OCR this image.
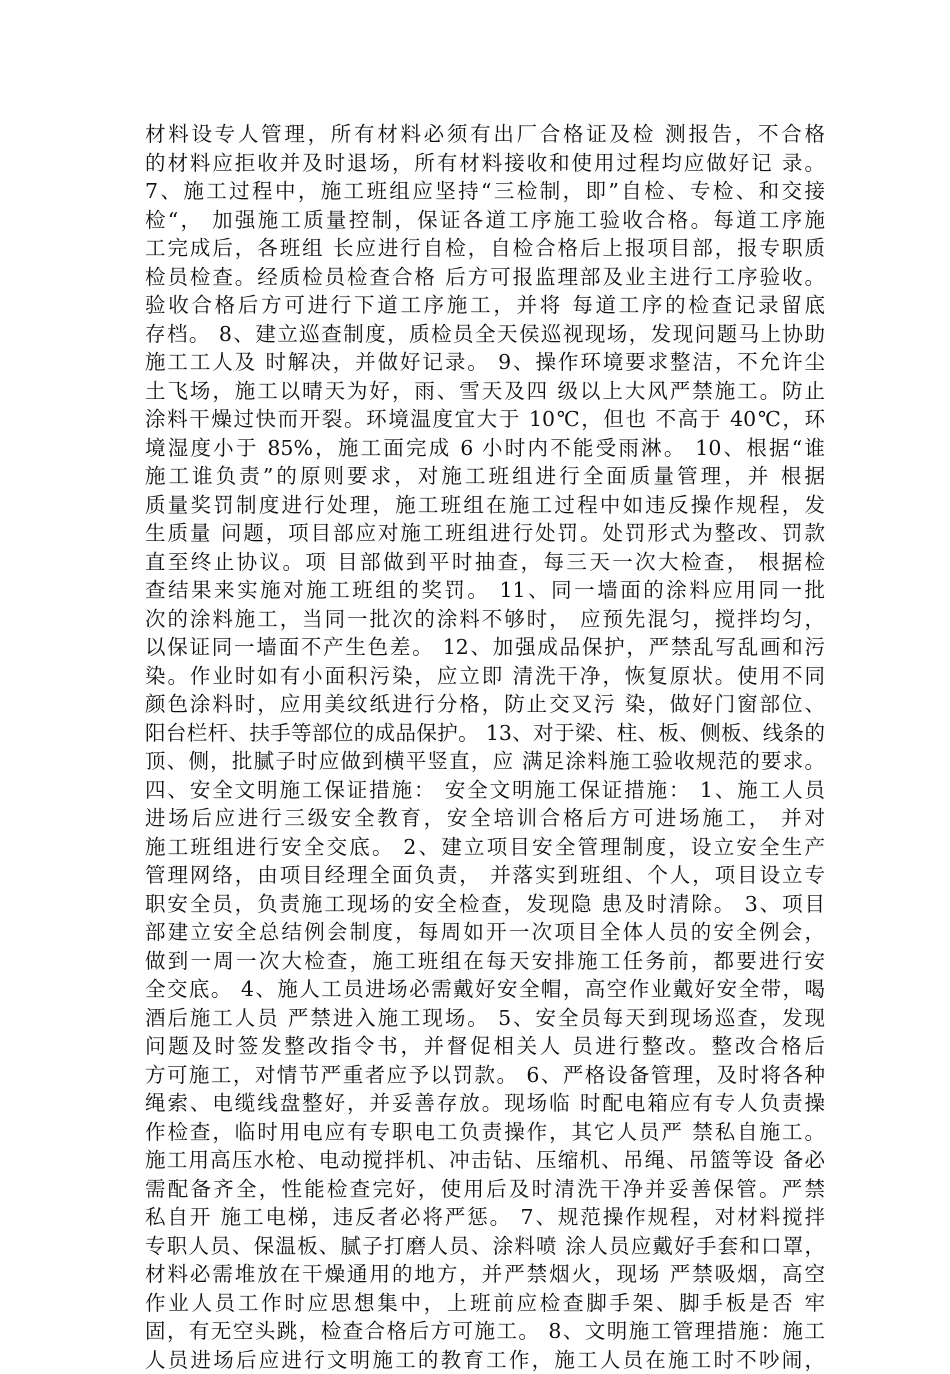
材料设专人管理，所有材料必须有出厂合格证及检 测报告，不合格
的材料应拒收并及时退场，所有材料接收和使用过程均应做好记 录。
7、施工过程中，施工班组应坚持“三检制，即”自检、专检、和交接
检“， 加强施工质量控制，保证各道工序施工验收合格。每道工序施
工完成后，各班组 长应进行自检，自检合格后上报项目部，报专职质
检员检查。经质检员检查合格 后方可报监理部及业主进行工序验收。
验收合格后方可进行下道工序施工，并将 每道工序的检查记录留底
存档。 8、建立巡查制度，质检员全天侯巡视现场，发现问题马上协助
施工工人及 时解决，并做好记录。 9、操作环境要求整洁，不允许尘
土飞场，施工以晴天为好，雨、雪天及四 级以上大风严禁施工。防止
涂料干燥过快而开裂。环境温度宜大于 10℃，但也 不高于 40℃，环
境湿度小于 85%，施工面完成 6 小时内不能受雨淋。 10、根据“谁
施工谁负责”的原则要求，对施工班组进行全面质量管理，并 根据
质量奖罚制度进行处理，施工班组在施工过程中如违反操作规程，发
生质量 问题，项目部应对施工班组进行处罚。处罚形式为整改、罚款
直至终止协议。项 目部做到平时抽查，每三天一次大检查， 根据检
查结果来实施对施工班组的奖罚。 11、同一墙面的涂料应用同一批
次的涂料施工，当同一批次的涂料不够时， 应预先混匀，搅拌均匀，
以保证同一墙面不产生色差。 12、加强成品保护，严禁乱写乱画和污
染。作业时如有小面积污染，应立即 清洗干净，恢复原状。使用不同
颜色涂料时，应用美纹纸进行分格，防止交叉污 染，做好门窗部位、
阳台栏杆、扶手等部位的成品保护。 13、对于梁、柱、板、侧板、线条的
顶、侧，批腻子时应做到横平竖直，应 满足涂料施工验收规范的要求。
四、安全文明施工保证措施： 安全文明施工保证措施： 1、施工人员
进场后应进行三级安全教育，安全培训合格后方可进场施工， 并对
施工班组进行安全交底。 2、建立项目安全管理制度，设立安全生产
管理网络，由项目经理全面负责， 并落实到班组、个人，项目设立专
职安全员，负责施工现场的安全检查，发现隐 患及时清除。 3、项目
部建立安全总结例会制度，每周如开一次项目全体人员的安全例会，
做到一周一次大检查，施工班组在每天安排施工任务前，都要进行安
全交底。 4、施人工员进场必需戴好安全帽，高空作业戴好安全带，喝
酒后施工人员 严禁进入施工现场。 5、安全员每天到现场巡查，发现
问题及时签发整改指令书，并督促相关人 员进行整改。整改合格后
方可施工，对情节严重者应予以罚款。 6、严格设备管理，及时将各种
绳索、电缆线盘整好，并妥善存放。现场临 时配电箱应有专人负责操
作检查，临时用电应有专职电工负责操作，其它人员严 禁私自施工。
施工用高压水枪、电动搅拌机、冲击钻、压缩机、吊绳、吊篮等设 备必
需配备齐全，性能检查完好，使用后及时清洗干净并妥善保管。严禁
私自开 施工电梯，违反者必将严惩。 7、规范操作规程，对材料搅拌
专职人员、保温板、腻子打磨人员、涂料喷 涂人员应戴好手套和口罩，
材料必需堆放在干燥通用的地方，并严禁烟火，现场 严禁吸烟，高空
作业人员工作时应思想集中，上班前应检查脚手架、脚手板是否 牢
固，有无空头跳，检查合格后方可施工。 8、文明施工管理措施：施工
人员进场后应进行文明施工的教育工作，施工人员在施工时不吵闹，
